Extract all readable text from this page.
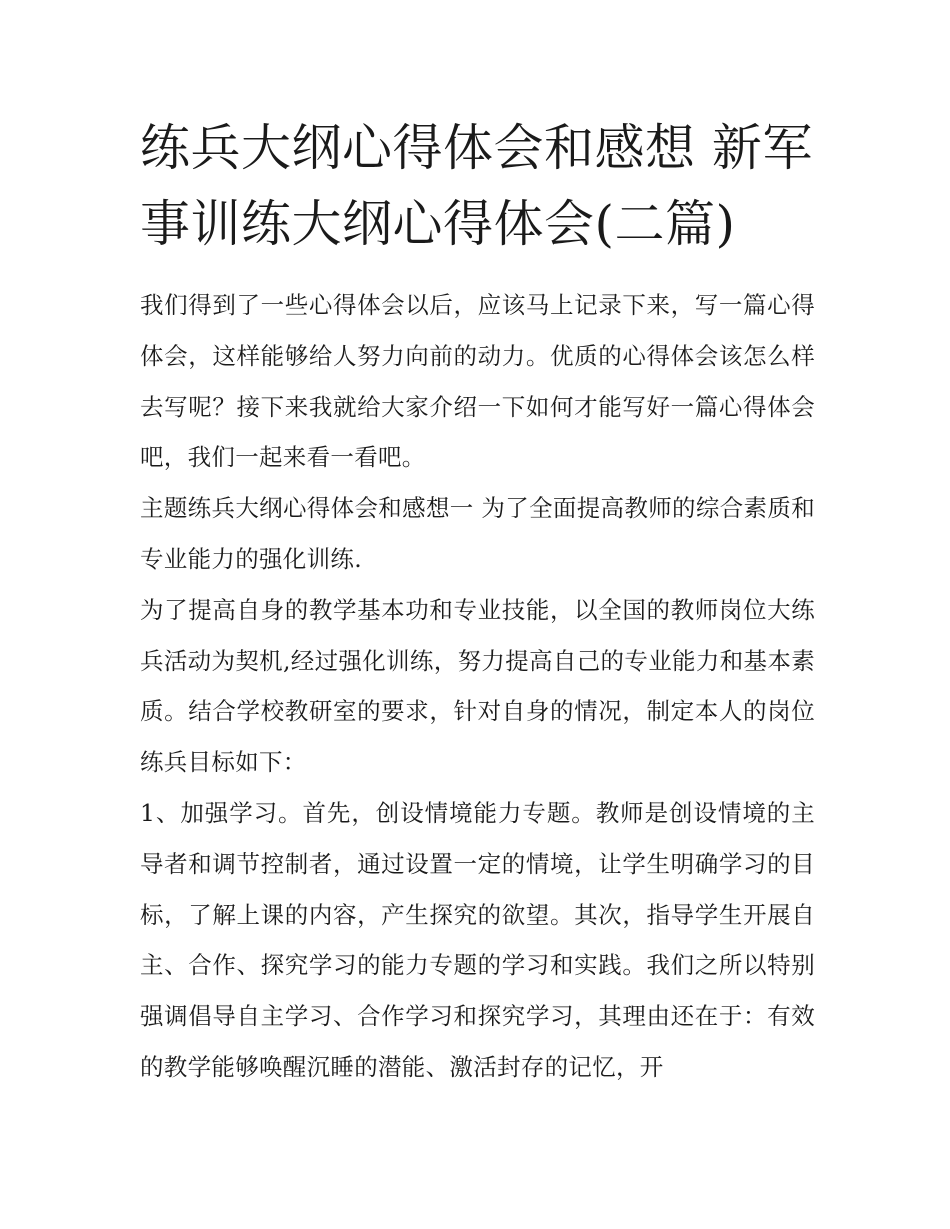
练兵大纲心得体会和感想 新军事训练大纲心得体会(二篇)

我们得到了一些心得体会以后，应该马上记录下来，写一篇心得体会，这样能够给人努力向前的动力。优质的心得体会该怎么样去写呢？接下来我就给大家介绍一下如何才能写好一篇心得体会吧，我们一起来看一看吧。

主题练兵大纲心得体会和感想一 为了全面提高教师的综合素质和专业能力的强化训练.

为了提高自身的教学基本功和专业技能，以全国的教师岗位大练兵活动为契机,经过强化训练，努力提高自己的专业能力和基本素质。结合学校教研室的要求，针对自身的情况，制定本人的岗位练兵目标如下：

1、加强学习。首先，创设情境能力专题。教师是创设情境的主导者和调节控制者，通过设置一定的情境，让学生明确学习的目标，了解上课的内容，产生探究的欲望。其次，指导学生开展自主、合作、探究学习的能力专题的学习和实践。我们之所以特别强调倡导自主学习、合作学习和探究学习，其理由还在于：有效的教学能够唤醒沉睡的潜能、激活封存的记忆，开
